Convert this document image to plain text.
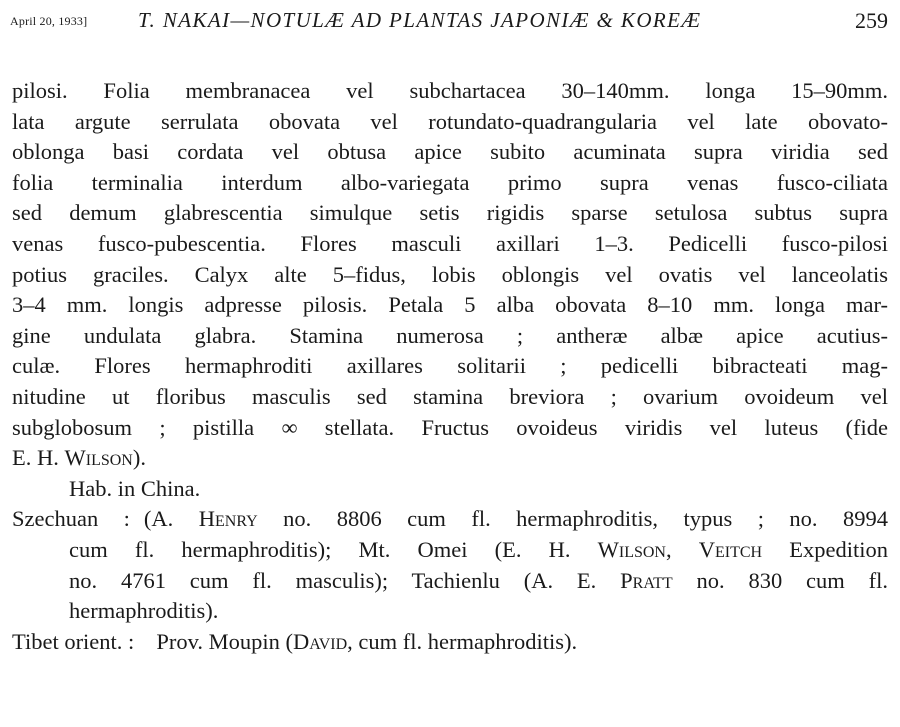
April 20, 1933] T. NAKAI—NOTULÆ AD PLANTAS JAPONIÆ & KOREÆ	259
pilosi. Folia membranacea vel subchartacea 30–140mm. longa 15–90mm.
lata argute serrulata obovata vel rotundato-quadrangularia vel late obovato-
oblonga basi cordata vel obtusa apice subito acuminata supra viridia sed
folia terminalia interdum albo-variegata primo supra venas fusco-ciliata
sed demum glabrescentia simulque setis rigidis sparse setulosa subtus supra
venas fusco-pubescentia. Flores masculi axillari 1–3. Pedicelli fusco-pilosi
potius graciles. Calyx alte 5–fidus, lobis oblongis vel ovatis vel lanceolatis
3–4 mm. longis adpresse pilosis. Petala 5 alba obovata 8–10 mm. longa mar-
gine undulata glabra. Stamina numerosa ; antheræ albæ apice acutius-
culæ. Flores hermaphroditi axillares solitarii ; pedicelli bibracteati mag-
nitudine ut floribus masculis sed stamina breviora ; ovarium ovoideum vel
subglobosum ; pistilla ∞ stellata. Fructus ovoideus viridis vel luteus (fide
E. H. Wilson).
Hab. in China.
Szechuan : (A. Henry no. 8806 cum fl. hermaphroditis, typus ; no. 8994
cum fl. hermaphroditis); Mt. Omei (E. H. Wilson, Veitch Expedition
no. 4761 cum fl. masculis); Tachienlu (A. E. Pratt no. 830 cum fl.
hermaphroditis).
Tibet orient. : Prov. Moupin (David, cum fl. hermaphroditis).
